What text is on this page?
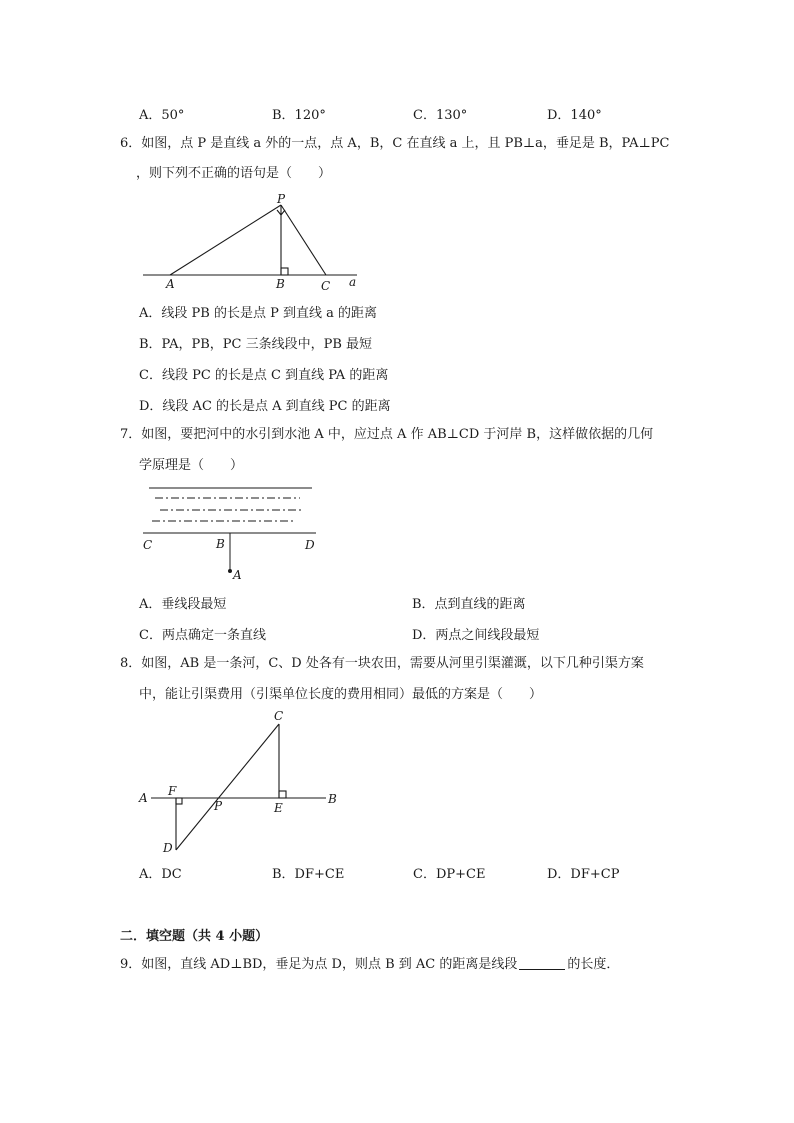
A．50°	B．120°	C．130°	D．140°
6．如图，点 P 是直线 a 外的一点，点 A，B，C 在直线 a 上，且 PB⊥a，垂足是 B，PA⊥PC
，则下列不正确的语句是（　　）
P
A	B	C a
A．线段 PB 的长是点 P 到直线 a 的距离
B．PA，PB，PC 三条线段中，PB 最短
C．线段 PC 的长是点 C 到直线 PA 的距离
D．线段 AC 的长是点 A 到直线 PC 的距离
7．如图，要把河中的水引到水池 A 中，应过点 A 作 AB⊥CD 于河岸 B，这样做依据的几何
学原理是（　　）
C	B	D
A
A．垂线段最短	B．点到直线的距离
C．两点确定一条直线	D．两点之间线段最短
8．如图，AB 是一条河，C、D 处各有一块农田，需要从河里引渠灌溉，以下几种引渠方案
中，能让引渠费用（引渠单位长度的费用相同）最低的方案是（　　）
C
A F
P	E
B
D
A．DC	B．DF+CE	C．DP+CE	D．DF+CP
二．填空题（共 4 小题）
9．如图，直线 AD⊥BD，垂足为点 D，则点 B 到 AC 的距离是线段	的长度．
